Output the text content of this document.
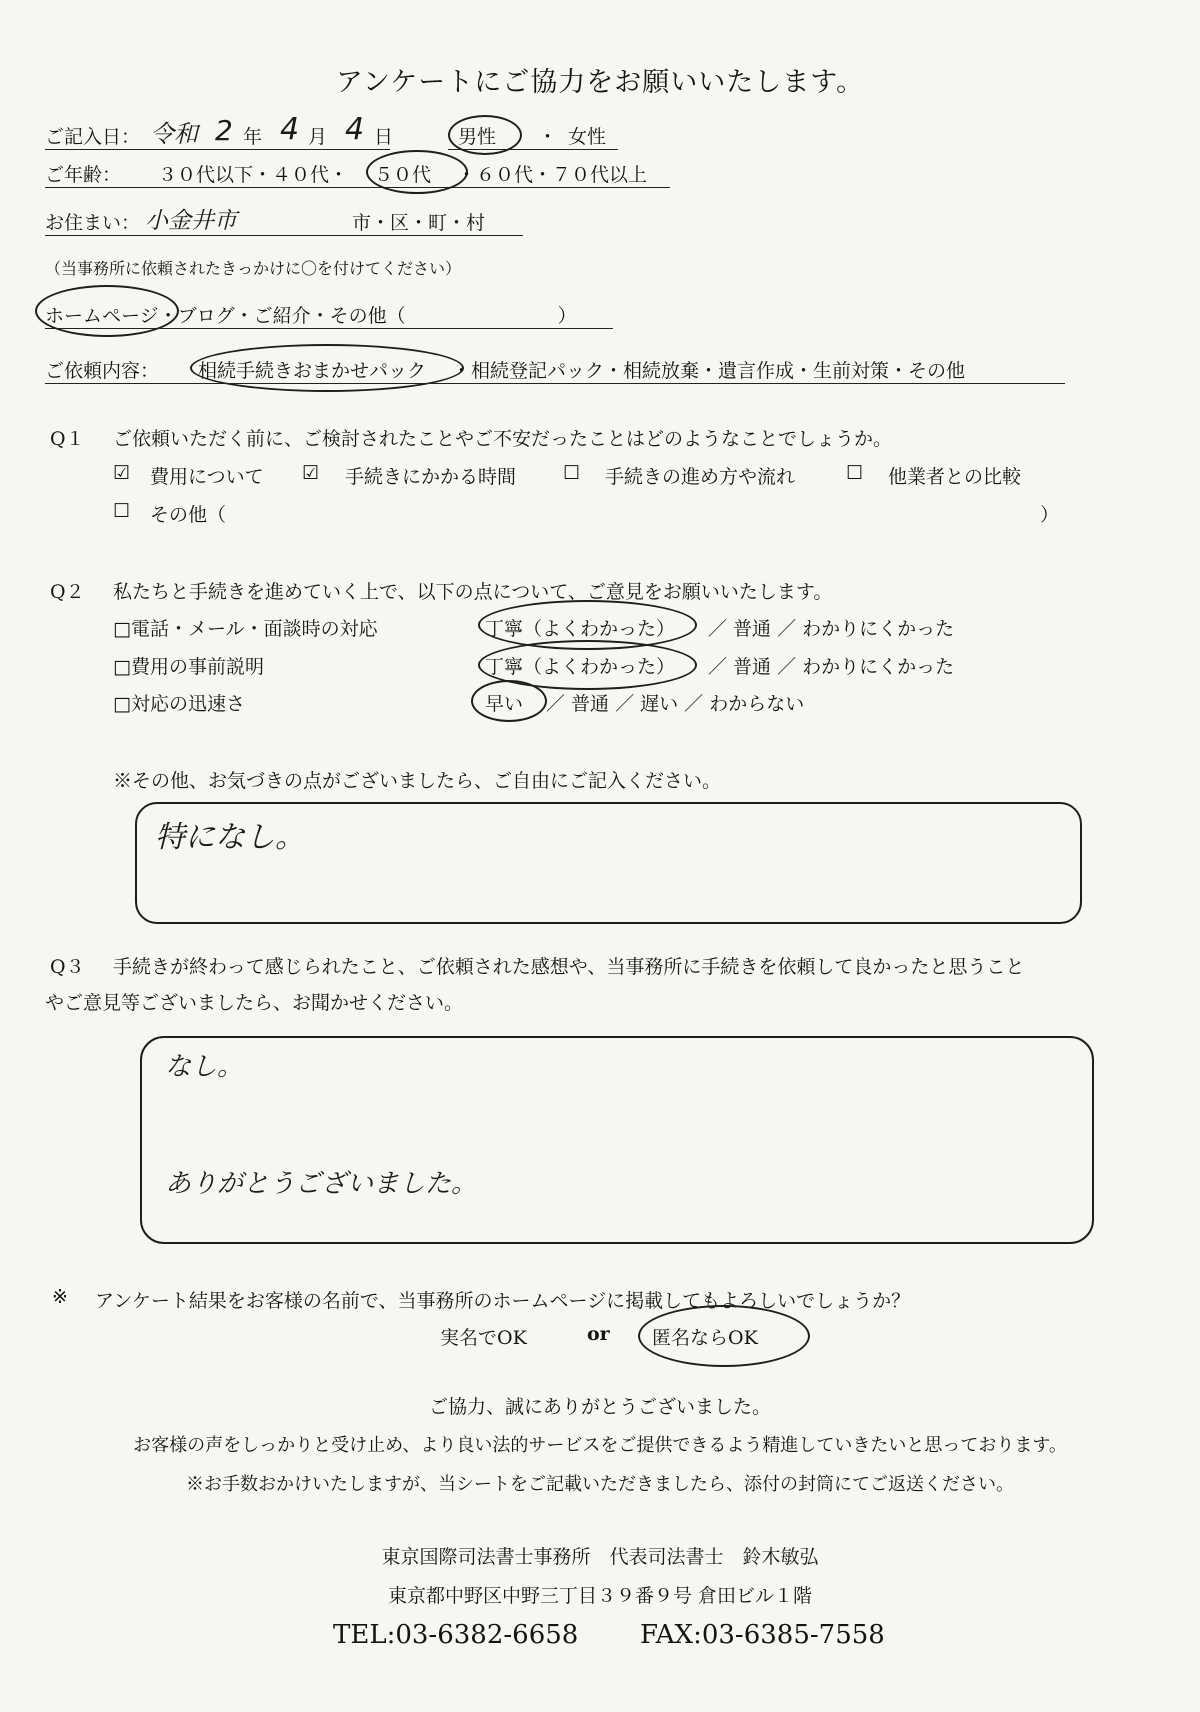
アンケートにご協力をお願いいたします。
ご記入日： 令和 2 年 4 月 4 日	男性 ・ 女性
ご年齢： ３０代以下・４０代・ ５０代 ・６０代・７０代以上
お住まい： 小金井市	市・区・町・村
（当事務所に依頼されたきっかけに〇を付けてください）
ホームページ・ブログ・ご紹介・その他（　　　　　　　　）
ご依頼内容： 相続手続きおまかせパック ・相続登記パック・相続放棄・遺言作成・生前対策・その他
Q１ ご依頼いただく前に、ご検討されたことやご不安だったことはどのようなことでしょうか。
☑ 費用について ☑ 手続きにかかる時間 ☐ 手続きの進め方や流れ	☐ 他業者との比較
☐ その他（	）
Q２ 私たちと手続きを進めていく上で、以下の点について、ご意見をお願いいたします。
□電話・メール・面談時の対応	丁寧（よくわかった） ／ 普通 ／ わかりにくかった
□費用の事前説明	丁寧（よくわかった） ／ 普通 ／ わかりにくかった
□対応の迅速さ	早い ／ 普通 ／ 遅い ／ わからない
※その他、お気づきの点がございましたら、ご自由にご記入ください。
特になし。
Q３ 手続きが終わって感じられたこと、ご依頼された感想や、当事務所に手続きを依頼して良かったと思うこと
やご意見等ございましたら、お聞かせください。
なし。
ありがとうございました。
※ アンケート結果をお客様の名前で、当事務所のホームページに掲載してもよろしいでしょうか？
実名でOK	or 匿名ならOK
ご協力、誠にありがとうございました。
お客様の声をしっかりと受け止め、より良い法的サービスをご提供できるよう精進していきたいと思っております。
※お手数おかけいたしますが、当シートをご記載いただきましたら、添付の封筒にてご返送ください。
東京国際司法書士事務所　代表司法書士　鈴木敏弘
東京都中野区中野三丁目３９番９号 倉田ビル１階
TEL:03-6382-6658 FAX:03-6385-7558
